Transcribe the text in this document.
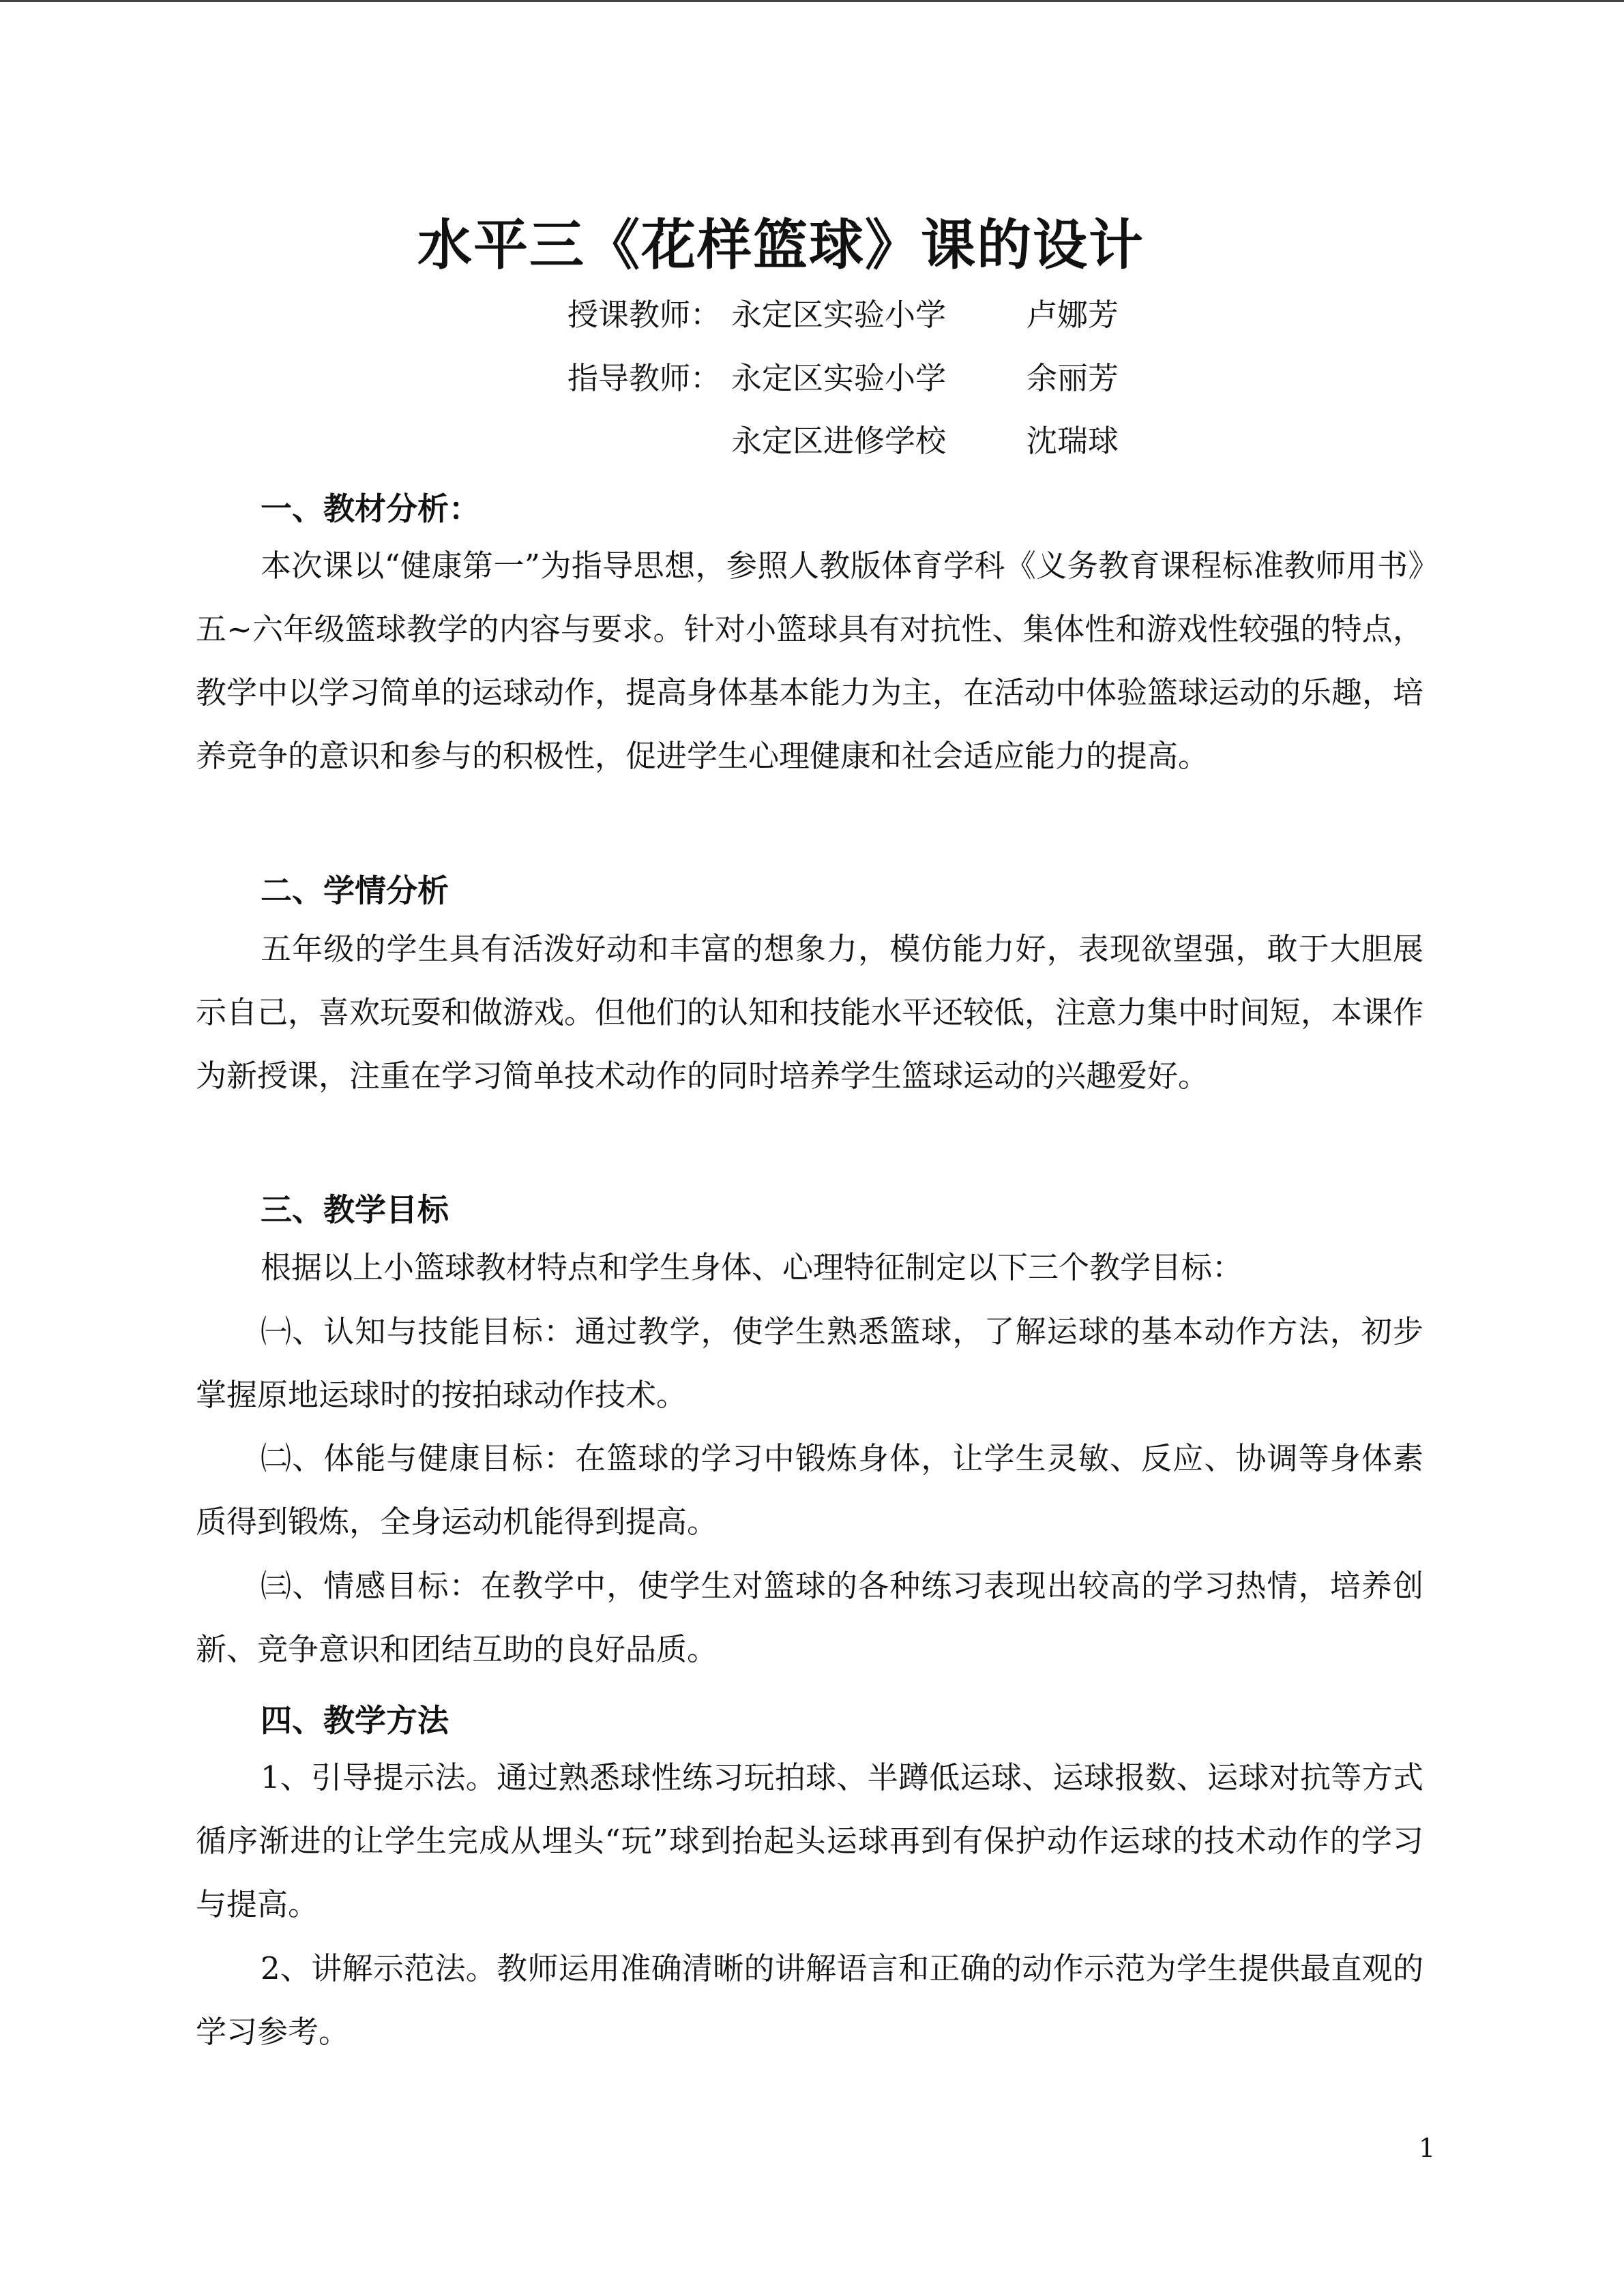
水平三《花样篮球》课的设计
授课教师： 永定区实验小学	卢娜芳
指导教师： 永定区实验小学	余丽芳
永定区进修学校	沈瑞球
一、教材分析：
本次课以“健康第一”为指导思想，参照人教版体育学科《义务教育课程标准教师用书》五~六年级篮球教学的内容与要求。针对小篮球具有对抗性、集体性和游戏性较强的特点，教学中以学习简单的运球动作，提高身体基本能力为主，在活动中体验篮球运动的乐趣，培养竞争的意识和参与的积极性，促进学生心理健康和社会适应能力的提高。
二、学情分析
五年级的学生具有活泼好动和丰富的想象力，模仿能力好，表现欲望强，敢于大胆展示自己，喜欢玩耍和做游戏。但他们的认知和技能水平还较低，注意力集中时间短，本课作为新授课，注重在学习简单技术动作的同时培养学生篮球运动的兴趣爱好。
三、教学目标
根据以上小篮球教材特点和学生身体、心理特征制定以下三个教学目标：
㈠、认知与技能目标：通过教学，使学生熟悉篮球，了解运球的基本动作方法，初步掌握原地运球时的按拍球动作技术。
㈡、体能与健康目标：在篮球的学习中锻炼身体，让学生灵敏、反应、协调等身体素质得到锻炼，全身运动机能得到提高。
㈢、情感目标：在教学中，使学生对篮球的各种练习表现出较高的学习热情，培养创新、竞争意识和团结互助的良好品质。
四、教学方法
1、引导提示法。通过熟悉球性练习玩拍球、半蹲低运球、运球报数、运球对抗等方式循序渐进的让学生完成从埋头“玩”球到抬起头运球再到有保护动作运球的技术动作的学习与提高。
2、讲解示范法。教师运用准确清晰的讲解语言和正确的动作示范为学生提供最直观的学习参考。
1
